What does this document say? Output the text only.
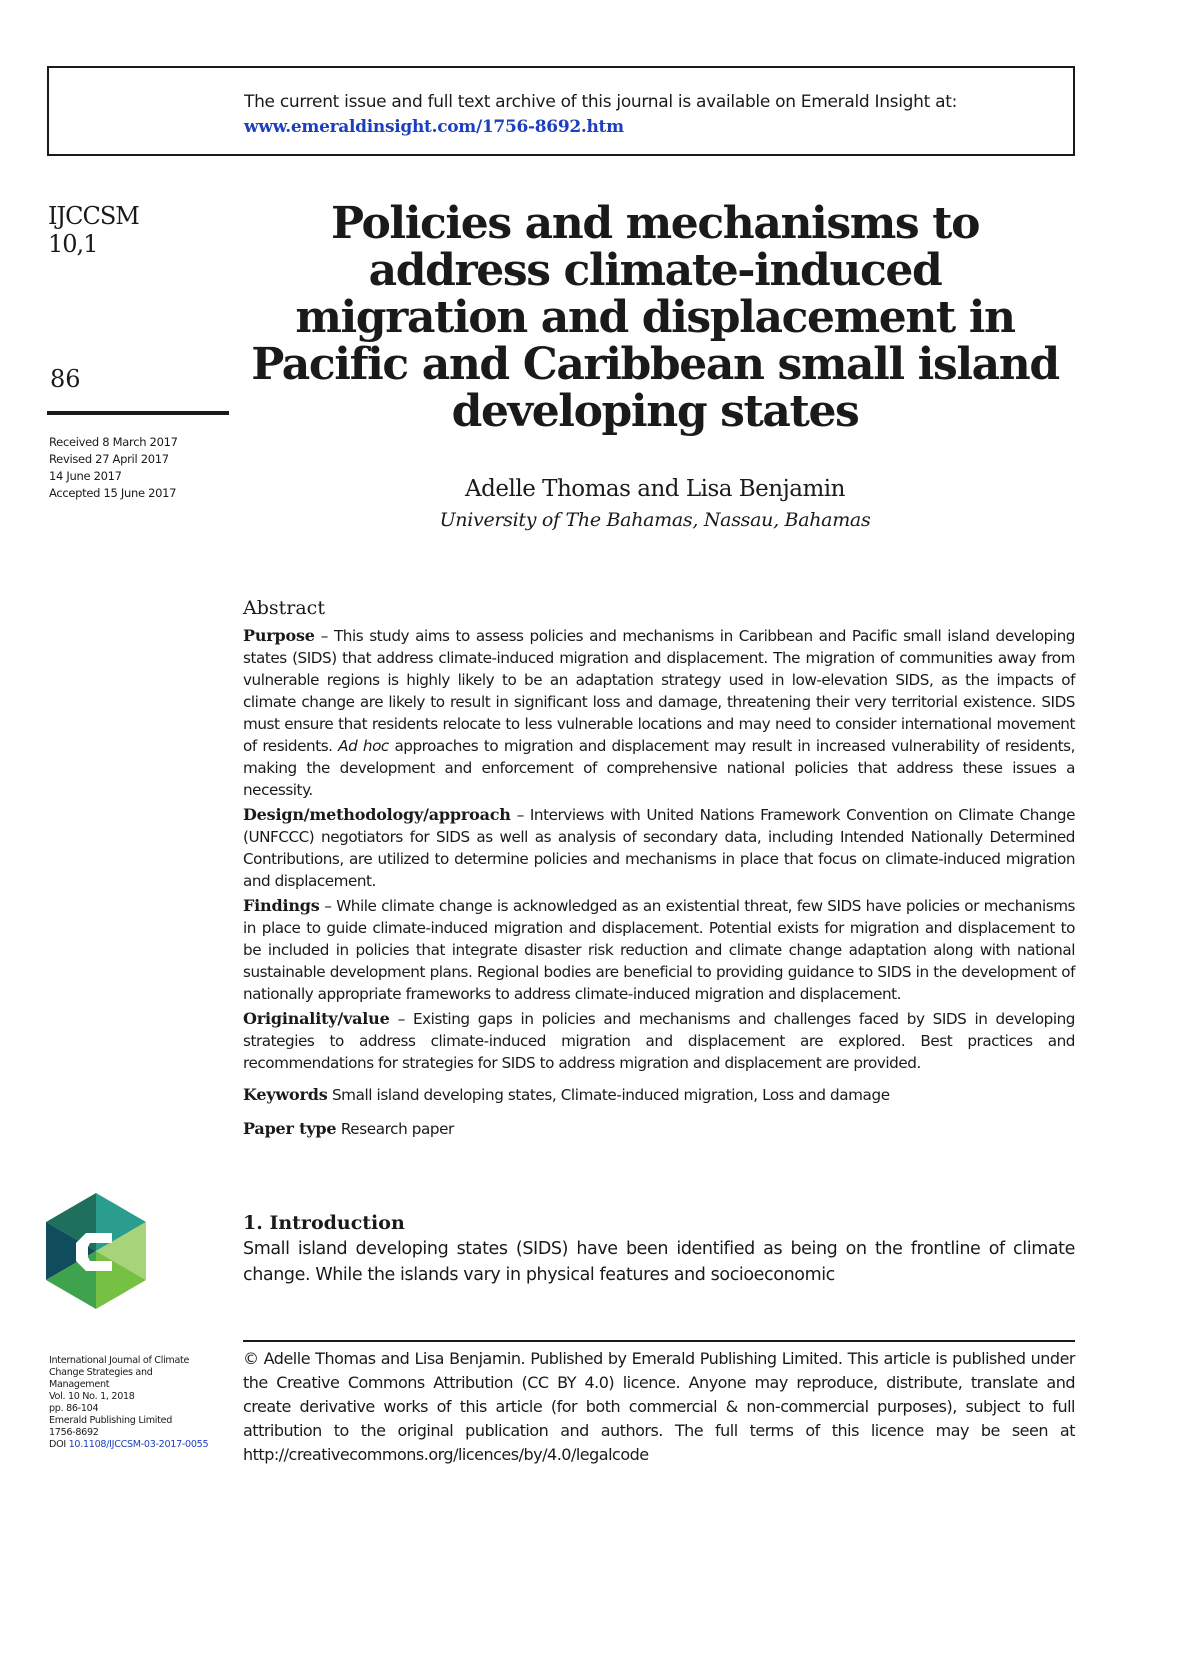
The current issue and full text archive of this journal is available on Emerald Insight at:
www.emeraldinsight.com/1756-8692.htm
IJCCSM
10,1
86
Received 8 March 2017
Revised 27 April 2017
14 June 2017
Accepted 15 June 2017
Policies and mechanisms to
address climate-induced
migration and displacement in
Pacific and Caribbean small island
developing states
Adelle Thomas and Lisa Benjamin
University of The Bahamas, Nassau, Bahamas
Abstract

Purpose – This study aims to assess policies and mechanisms in Caribbean and Pacific small island developing states (SIDS) that address climate-induced migration and displacement. The migration of communities away from vulnerable regions is highly likely to be an adaptation strategy used in low-elevation SIDS, as the impacts of climate change are likely to result in significant loss and damage, threatening their very territorial existence. SIDS must ensure that residents relocate to less vulnerable locations and may need to consider international movement of residents. Ad hoc approaches to migration and displacement may result in increased vulnerability of residents, making the development and enforcement of comprehensive national policies that address these issues a necessity.

Design/methodology/approach – Interviews with United Nations Framework Convention on Climate Change (UNFCCC) negotiators for SIDS as well as analysis of secondary data, including Intended Nationally Determined Contributions, are utilized to determine policies and mechanisms in place that focus on climate-induced migration and displacement.

Findings – While climate change is acknowledged as an existential threat, few SIDS have policies or mechanisms in place to guide climate-induced migration and displacement. Potential exists for migration and displacement to be included in policies that integrate disaster risk reduction and climate change adaptation along with national sustainable development plans. Regional bodies are beneficial to providing guidance to SIDS in the development of nationally appropriate frameworks to address climate-induced migration and displacement.

Originality/value – Existing gaps in policies and mechanisms and challenges faced by SIDS in developing strategies to address climate-induced migration and displacement are explored. Best practices and recommendations for strategies for SIDS to address migration and displacement are provided.

Keywords Small island developing states, Climate-induced migration, Loss and damage
Paper type Research paper
1. Introduction
Small island developing states (SIDS) have been identified as being on the frontline of climate change. While the islands vary in physical features and socioeconomic
© Adelle Thomas and Lisa Benjamin. Published by Emerald Publishing Limited. This article is published under the Creative Commons Attribution (CC BY 4.0) licence. Anyone may reproduce, distribute, translate and create derivative works of this article (for both commercial & non-commercial purposes), subject to full attribution to the original publication and authors. The full terms of this licence may be seen at http://creativecommons.org/licences/by/4.0/legalcode
International Journal of Climate
Change Strategies and
Management
Vol. 10 No. 1, 2018
pp. 86-104
Emerald Publishing Limited
1756-8692
DOI 10.1108/IJCCSM-03-2017-0055
